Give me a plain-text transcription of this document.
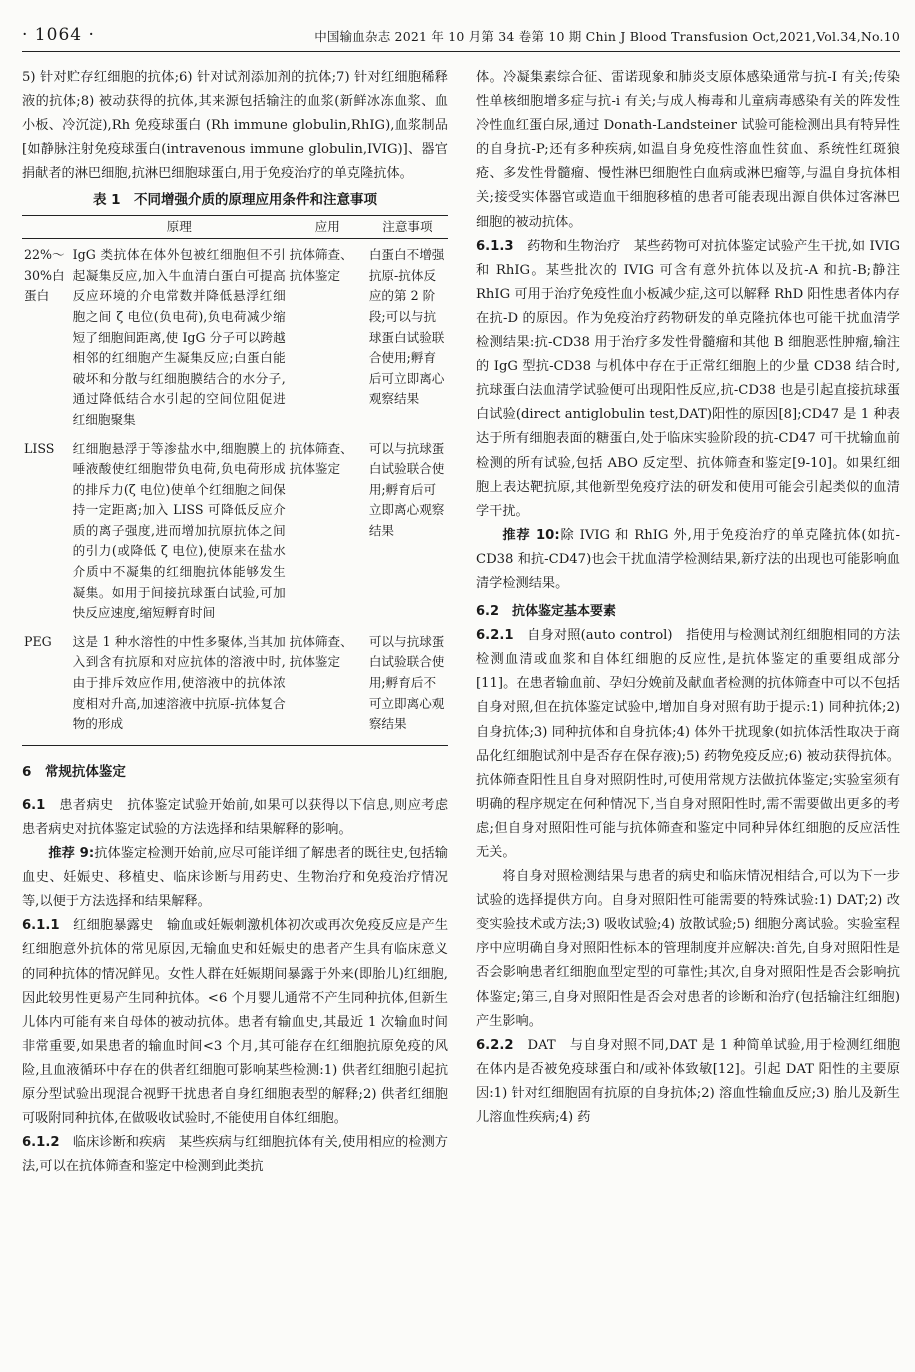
· 1064 ·	中国输血杂志 2021 年 10 月第 34 卷第 10 期 Chin J Blood Transfusion Oct,2021,Vol.34,No.10

5) 针对贮存红细胞的抗体;6) 针对试剂添加剂的抗体;7) 针对红细胞稀释液的抗体;8) 被动获得的抗体,其来源包括输注的血浆(新鲜冰冻血浆、血小板、冷沉淀),Rh 免疫球蛋白 (Rh immune globulin,RhIG),血浆制品[如静脉注射免疫球蛋白(intravenous immune globulin,IVIG)]、器官捐献者的淋巴细胞,抗淋巴细胞球蛋白,用于免疫治疗的单克隆抗体。

表 1　不同增强介质的原理应用条件和注意事项
	原理	应用	注意事项
22%～30%白蛋白	IgG 类抗体在体外包被红细胞但不引起凝集反应,加入牛血清白蛋白可提高反应环境的介电常数并降低悬浮红细胞之间 ζ 电位(负电荷),负电荷减少缩短了细胞间距离,使 IgG 分子可以跨越相邻的红细胞产生凝集反应;白蛋白能破坏和分散与红细胞膜结合的水分子,通过降低结合水引起的空间位阻促进红细胞聚集	抗体筛查、抗体鉴定	白蛋白不增强抗原-抗体反应的第 2 阶段;可以与抗球蛋白试验联合使用;孵育后可立即离心观察结果
LISS	红细胞悬浮于等渗盐水中,细胞膜上的唾液酸使红细胞带负电荷,负电荷形成的排斥力(ζ 电位)使单个红细胞之间保持一定距离;加入 LISS 可降低反应介质的离子强度,进而增加抗原抗体之间的引力(或降低 ζ 电位),使原来在盐水介质中不凝集的红细胞抗体能够发生凝集。如用于间接抗球蛋白试验,可加快反应速度,缩短孵育时间	抗体筛查、抗体鉴定	可以与抗球蛋白试验联合使用;孵育后可立即离心观察结果
PEG	这是 1 种水溶性的中性多聚体,当其加入到含有抗原和对应抗体的溶液中时,由于排斥效应作用,使溶液中的抗体浓度相对升高,加速溶液中抗原-抗体复合物的形成	抗体筛查、抗体鉴定	可以与抗球蛋白试验联合使用;孵育后不可立即离心观察结果
6　常规抗体鉴定

6.1　 患者病史　 抗体鉴定试验开始前,如果可以获得以下信息,则应考虑患者病史对抗体鉴定试验的方法选择和结果解释的影响。

推荐 9:抗体鉴定检测开始前,应尽可能详细了解患者的既往史,包括输血史、妊娠史、移植史、临床诊断与用药史、生物治疗和免疫治疗情况等,以便于方法选择和结果解释。

6.1.1　 红细胞暴露史　 输血或妊娠刺激机体初次或再次免疫反应是产生红细胞意外抗体的常见原因,无输血史和妊娠史的患者产生具有临床意义的同种抗体的情况鲜见。女性人群在妊娠期间暴露于外来(即胎儿)红细胞,因此较男性更易产生同种抗体。<6 个月婴儿通常不产生同种抗体,但新生儿体内可能有来自母体的被动抗体。患者有输血史,其最近 1 次输血时间非常重要,如果患者的输血时间<3 个月,其可能存在红细胞抗原免疫的风险,且血液循环中存在的供者红细胞可影响某些检测:1) 供者红细胞引起抗原分型试验出现混合视野干扰患者自身红细胞表型的解释;2) 供者红细胞可吸附同种抗体,在做吸收试验时,不能使用自体红细胞。

6.1.2　 临床诊断和疾病　 某些疾病与红细胞抗体有关,使用相应的检测方法,可以在抗体筛查和鉴定中检测到此类抗

体。冷凝集素综合征、雷诺现象和肺炎支原体感染通常与抗-I 有关;传染性单核细胞增多症与抗-i 有关;与成人梅毒和儿童病毒感染有关的阵发性冷性血红蛋白尿,通过 Donath-Landsteiner 试验可能检测出具有特异性的自身抗-P;还有多种疾病,如温自身免疫性溶血性贫血、系统性红斑狼疮、多发性骨髓瘤、慢性淋巴细胞性白血病或淋巴瘤等,与温自身抗体相关;接受实体器官或造血干细胞移植的患者可能表现出源自供体过客淋巴细胞的被动抗体。

6.1.3　 药物和生物治疗　 某些药物可对抗体鉴定试验产生干扰,如 IVIG 和 RhIG。某些批次的 IVIG 可含有意外抗体以及抗-A 和抗-B;静注 RhIG 可用于治疗免疫性血小板减少症,这可以解释 RhD 阳性患者体内存在抗-D 的原因。作为免疫治疗药物研发的单克隆抗体也可能干扰血清学检测结果:抗-CD38 用于治疗多发性骨髓瘤和其他 B 细胞恶性肿瘤,输注的 IgG 型抗-CD38 与机体中存在于正常红细胞上的少量 CD38 结合时,抗球蛋白法血清学试验便可出现阳性反应,抗-CD38 也是引起直接抗球蛋白试验(direct antiglobulin test,DAT)阳性的原因[8];CD47 是 1 种表达于所有细胞表面的糖蛋白,处于临床实验阶段的抗-CD47 可干扰输血前检测的所有试验,包括 ABO 反定型、抗体筛查和鉴定[9-10]。如果红细胞上表达靶抗原,其他新型免疫疗法的研发和使用可能会引起类似的血清学干扰。

推荐 10:除 IVIG 和 RhIG 外,用于免疫治疗的单克隆抗体(如抗-CD38 和抗-CD47)也会干扰血清学检测结果,新疗法的出现也可能影响血清学检测结果。

6.2　 抗体鉴定基本要素

6.2.1　 自身对照(auto control)　 指使用与检测试剂红细胞相同的方法检测血清或血浆和自体红细胞的反应性,是抗体鉴定的重要组成部分[11]。在患者输血前、孕妇分娩前及献血者检测的抗体筛查中可以不包括自身对照,但在抗体鉴定试验中,增加自身对照有助于提示:1) 同种抗体;2) 自身抗体;3) 同种抗体和自身抗体;4) 体外干扰现象(如抗体活性取决于商品化红细胞试剂中是否存在保存液);5) 药物免疫反应;6) 被动获得抗体。抗体筛查阳性且自身对照阴性时,可使用常规方法做抗体鉴定;实验室须有明确的程序规定在何种情况下,当自身对照阳性时,需不需要做出更多的考虑;但自身对照阳性可能与抗体筛查和鉴定中同种异体红细胞的反应活性无关。

将自身对照检测结果与患者的病史和临床情况相结合,可以为下一步试验的选择提供方向。自身对照阳性可能需要的特殊试验:1) DAT;2) 改变实验技术或方法;3) 吸收试验;4) 放散试验;5) 细胞分离试验。实验室程序中应明确自身对照阳性标本的管理制度并应解决:首先,自身对照阳性是否会影响患者红细胞血型定型的可靠性;其次,自身对照阳性是否会影响抗体鉴定;第三,自身对照阳性是否会对患者的诊断和治疗(包括输注红细胞)产生影响。

6.2.2　 DAT　 与自身对照不同,DAT 是 1 种简单试验,用于检测红细胞在体内是否被免疫球蛋白和/或补体致敏[12]。引起 DAT 阳性的主要原因:1) 针对红细胞固有抗原的自身抗体;2) 溶血性输血反应;3) 胎儿及新生儿溶血性疾病;4) 药
